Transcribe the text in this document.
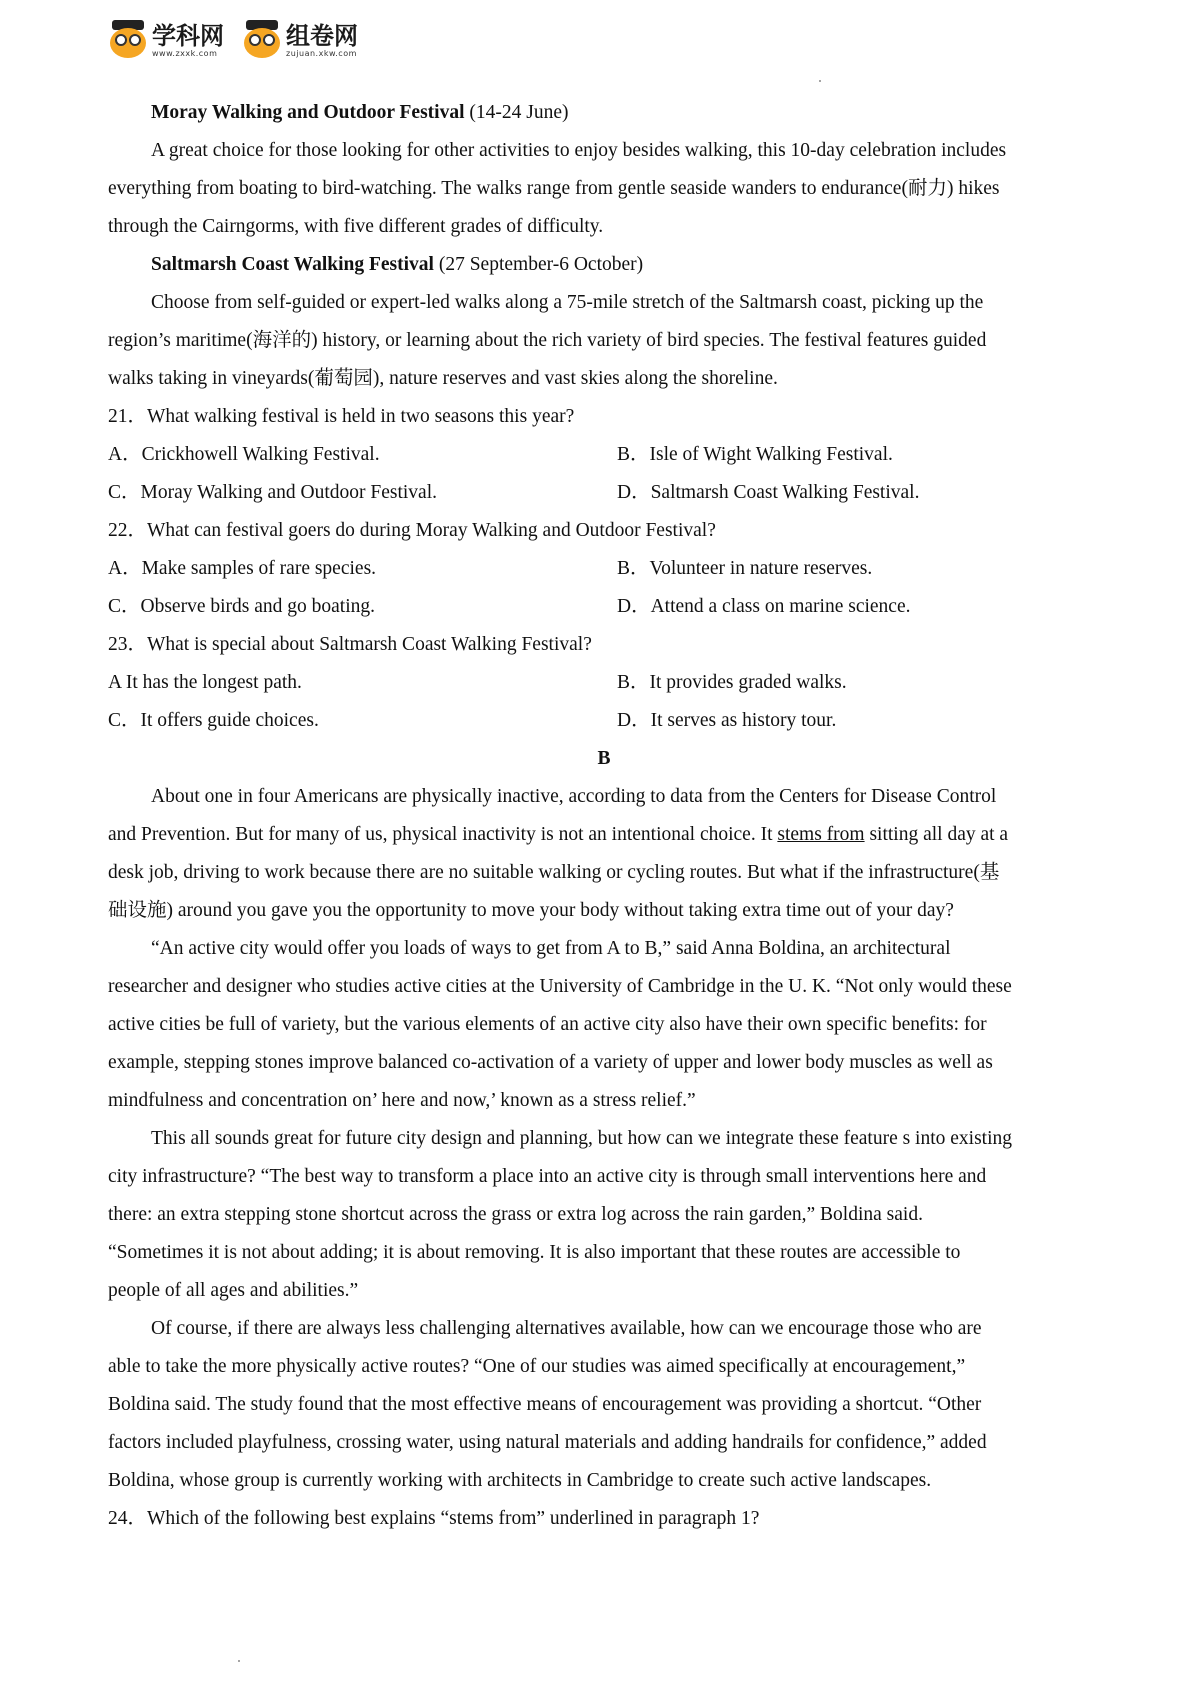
学科网
www.zxxk.com
组卷网
zujuan.xkw.com
Moray Walking and Outdoor Festival (14-24 June)
A great choice for those looking for other activities to enjoy besides walking, this 10-day celebration includes
everything from boating to bird-watching. The walks range from gentle seaside wanders to endurance(耐力) hikes
through the Cairngorms, with five different grades of difficulty.
Saltmarsh Coast Walking Festival (27 September-6 October)
Choose from self-guided or expert-led walks along a 75-mile stretch of the Saltmarsh coast, picking up the
region’s maritime(海洋的) history, or learning about the rich variety of bird species. The festival features guided
walks taking in vineyards(葡萄园), nature reserves and vast skies along the shoreline.
21．What walking festival is held in two seasons this year?
A．Crickhowell Walking Festival.	B．Isle of Wight Walking Festival.
C．Moray Walking and Outdoor Festival.	D．Saltmarsh Coast Walking Festival.
22．What can festival goers do during Moray Walking and Outdoor Festival?
A．Make samples of rare species.	B．Volunteer in nature reserves.
C．Observe birds and go boating.	D．Attend a class on marine science.
23．What is special about Saltmarsh Coast Walking Festival?
A It has the longest path.	B．It provides graded walks.
C．It offers guide choices.	D．It serves as history tour.
B
About one in four Americans are physically inactive, according to data from the Centers for Disease Control
and Prevention. But for many of us, physical inactivity is not an intentional choice. It stems from sitting all day at a
desk job, driving to work because there are no suitable walking or cycling routes. But what if the infrastructure(基
础设施) around you gave you the opportunity to move your body without taking extra time out of your day?
“An active city would offer you loads of ways to get from A to B,” said Anna Boldina, an architectural
researcher and designer who studies active cities at the University of Cambridge in the U. K. “Not only would these
active cities be full of variety, but the various elements of an active city also have their own specific benefits: for
example, stepping stones improve balanced co-activation of a variety of upper and lower body muscles as well as
mindfulness and concentration on’ here and now,’ known as a stress relief.”
This all sounds great for future city design and planning, but how can we integrate these feature s into existing
city infrastructure? “The best way to transform a place into an active city is through small interventions here and
there: an extra stepping stone shortcut across the grass or extra log across the rain garden,” Boldina said.
“Sometimes it is not about adding; it is about removing. It is also important that these routes are accessible to
people of all ages and abilities.”
Of course, if there are always less challenging alternatives available, how can we encourage those who are
able to take the more physically active routes? “One of our studies was aimed specifically at encouragement,”
Boldina said. The study found that the most effective means of encouragement was providing a shortcut. “Other
factors included playfulness, crossing water, using natural materials and adding handrails for confidence,” added
Boldina, whose group is currently working with architects in Cambridge to create such active landscapes.
24．Which of the following best explains “stems from” underlined in paragraph 1?
